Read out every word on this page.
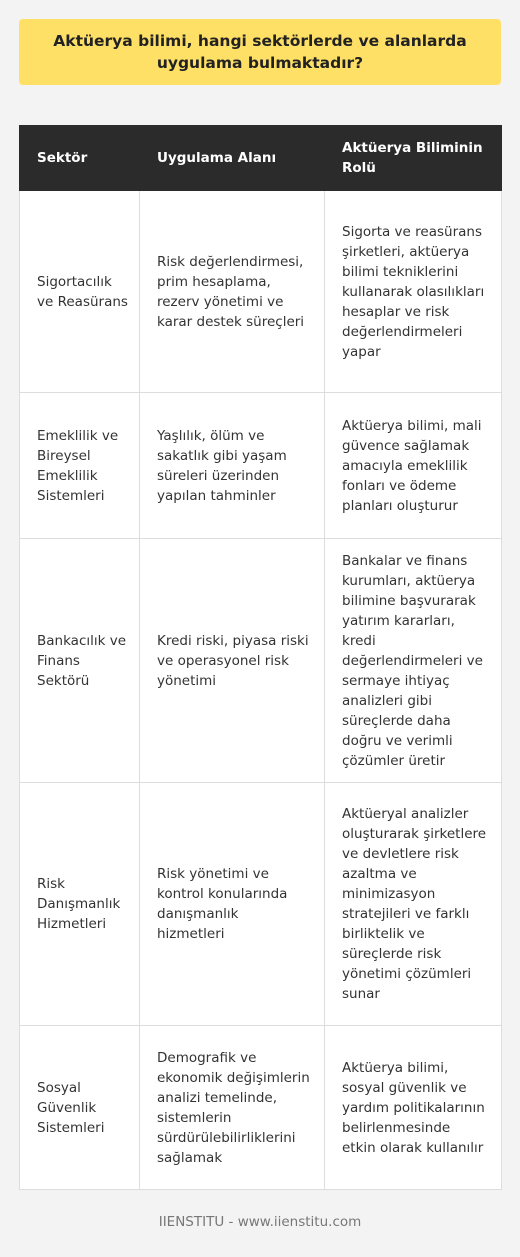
Aktüerya bilimi, hangi sektörlerde ve alanlarda uygulama bulmaktadır?
Sektör	Uygulama Alanı	Aktüerya Biliminin Rolü
Sigortacılık ve Reasürans	Risk değerlendirmesi, prim hesaplama, rezerv yönetimi ve karar destek süreçleri	Sigorta ve reasürans şirketleri, aktüerya bilimi tekniklerini kullanarak olasılıkları hesaplar ve risk değerlendirmeleri yapar
Emeklilik ve Bireysel Emeklilik Sistemleri	Yaşlılık, ölüm ve sakatlık gibi yaşam süreleri üzerinden yapılan tahminler	Aktüerya bilimi, mali güvence sağlamak amacıyla emeklilik fonları ve ödeme planları oluşturur
Bankacılık ve Finans Sektörü	Kredi riski, piyasa riski ve operasyonel risk yönetimi	Bankalar ve finans kurumları, aktüerya bilimine başvurarak yatırım kararları, kredi değerlendirmeleri ve sermaye ihtiyaç analizleri gibi süreçlerde daha doğru ve verimli çözümler üretir
Risk Danışmanlık Hizmetleri	Risk yönetimi ve kontrol konularında danışmanlık hizmetleri	Aktüeryal analizler oluşturarak şirketlere ve devletlere risk azaltma ve minimizasyon stratejileri ve farklı birliktelik ve süreçlerde risk yönetimi çözümleri sunar
Sosyal Güvenlik Sistemleri	Demografik ve ekonomik değişimlerin analizi temelinde, sistemlerin sürdürülebilirliklerini sağlamak	Aktüerya bilimi, sosyal güvenlik ve yardım politikalarının belirlenmesinde etkin olarak kullanılır
IIENSTITU - www.iienstitu.com
